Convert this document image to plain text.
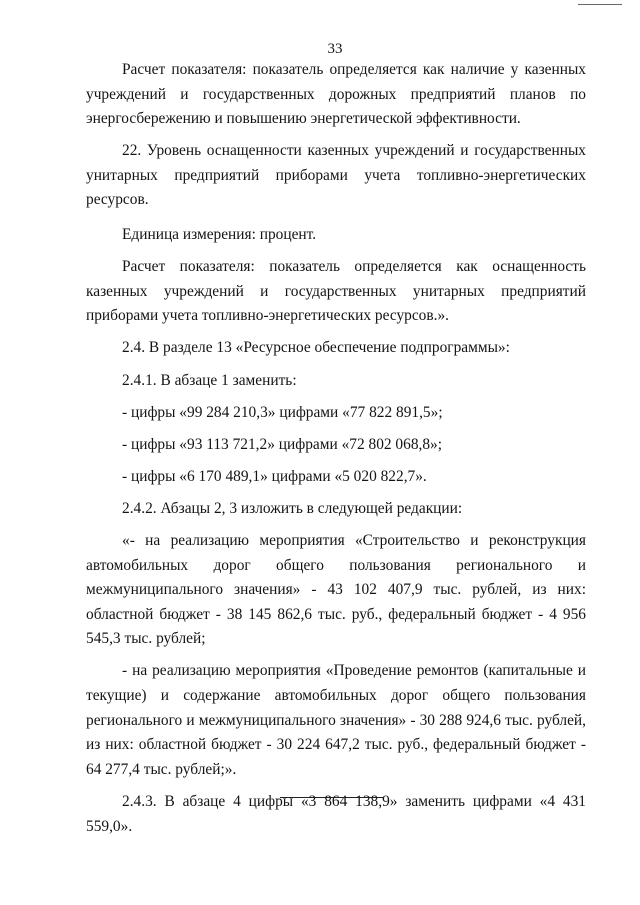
33

Расчет показателя: показатель определяется как наличие у казенных учреждений и государственных дорожных предприятий планов по энергосбережению и повышению энергетической эффективности.

22. Уровень оснащенности казенных учреждений и государственных унитарных предприятий приборами учета топливно-энергетических ресурсов.

Единица измерения: процент.

Расчет показателя: показатель определяется как оснащенность казенных учреждений и государственных унитарных предприятий приборами учета топливно-энергетических ресурсов.».

2.4. В разделе 13 «Ресурсное обеспечение подпрограммы»:

2.4.1. В абзаце 1 заменить:

- цифры «99 284 210,3» цифрами «77 822 891,5»;

- цифры «93 113 721,2» цифрами «72 802 068,8»;

- цифры «6 170 489,1» цифрами «5 020 822,7».

2.4.2. Абзацы 2, 3 изложить в следующей редакции:

«- на реализацию мероприятия «Строительство и реконструкция автомобильных дорог общего пользования регионального и межмуниципального значения» - 43 102 407,9 тыс. рублей, из них: областной бюджет - 38 145 862,6 тыс. руб., федеральный бюджет - 4 956 545,3 тыс. рублей;

- на реализацию мероприятия «Проведение ремонтов (капитальные и текущие) и содержание автомобильных дорог общего пользования регионального и межмуниципального значения» - 30 288 924,6 тыс. рублей, из них: областной бюджет - 30 224 647,2 тыс. руб., федеральный бюджет - 64 277,4 тыс. рублей;».

2.4.3. В абзаце 4 цифры «3 864 138,9» заменить цифрами «4 431 559,0».
